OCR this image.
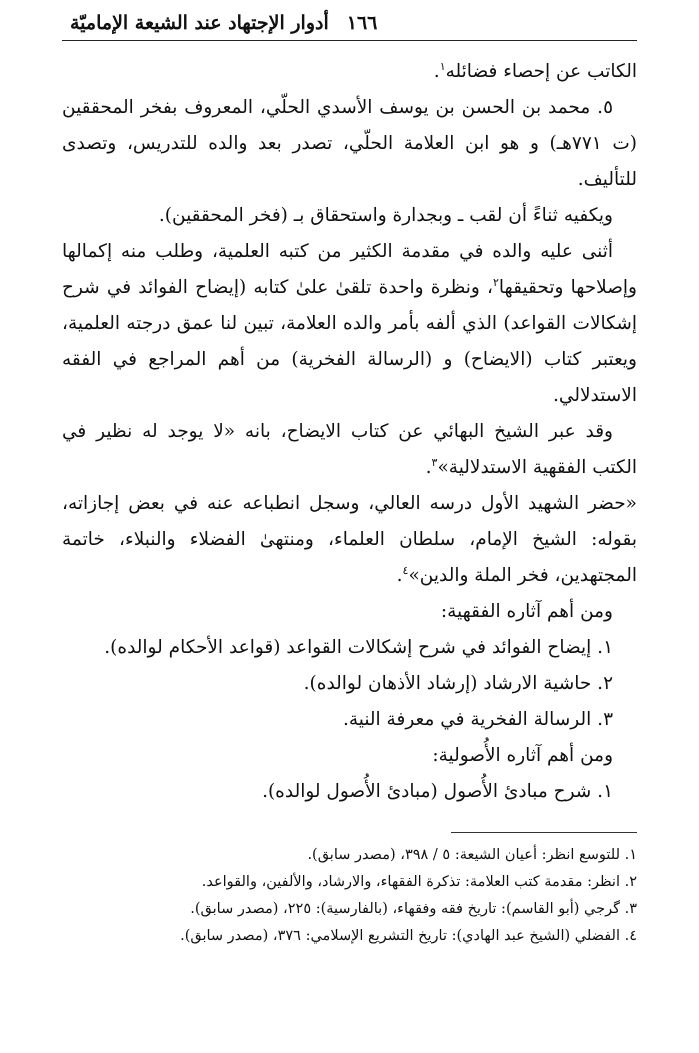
١٦٦
أدوار الإجتهاد عند الشيعة الإماميّة

الكاتب عن إحصاء فضائله$^١$.

٥. محمد بن الحسن بن يوسف الأسدي الحلّي، المعروف بفخر المحققين (ت ٧٧١هـ) و هو ابن العلامة الحلّي، تصدر بعد والده للتدريس، وتصدى للتأليف.

ويكفيه ثناءً أن لقب ـ وبجدارة واستحقاق بـ (فخر المحققين).

أثنى عليه والده في مقدمة الكثير من كتبه العلمية، وطلب منه إكمالها وإصلاحها وتحقيقها$^٢$، ونظرة واحدة تلقىٰ علىٰ كتابه (إيضاح الفوائد في شرح إشكالات القواعد) الذي ألفه بأمر والده العلامة، تبين لنا عمق درجته العلمية، ويعتبر كتاب (الايضاح) و (الرسالة الفخرية) من أهم المراجع في الفقه الاستدلالي.

وقد عبر الشيخ البهائي عن كتاب الايضاح، بانه «لا يوجد له نظير في الكتب الفقهية الاستدلالية»$^٣$.

«حضر الشهيد الأول درسه العالي، وسجل انطباعه عنه في بعض إجازاته، بقوله: الشيخ الإمام، سلطان العلماء، ومنتهىٰ الفضلاء والنبلاء، خاتمة المجتهدين، فخر الملة والدين»$^٤$.

ومن أهم آثاره الفقهية:

١. إيضاح الفوائد في شرح إشكالات القواعد (قواعد الأحكام لوالده).

٢. حاشية الارشاد (إرشاد الأذهان لوالده).

٣. الرسالة الفخرية في معرفة النية.

ومن أهم آثاره الأُصولية:

١. شرح مبادئ الأُصول (مبادئ الأُصول لوالده).

١. للتوسع انظر: أعيان الشيعة: ٥ / ٣٩٨، (مصدر سابق).

٢. انظر: مقدمة كتب العلامة: تذكرة الفقهاء، والارشاد، والألفين، والقواعد.

٣. گرجي (أبو القاسم): تاريخ فقه وفقهاء، (بالفارسية): ٢٢٥، (مصدر سابق).

٤. الفضلي (الشيخ عبد الهادي): تاريخ التشريع الإسلامي: ٣٧٦، (مصدر سابق).
